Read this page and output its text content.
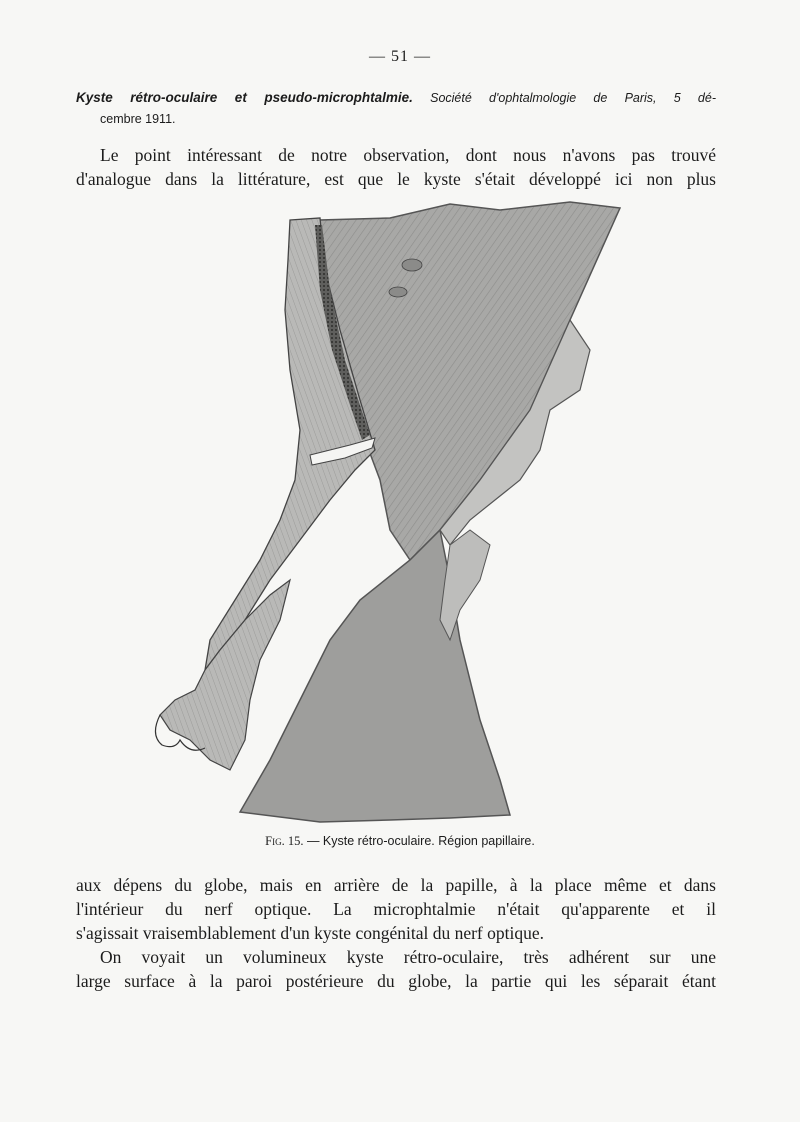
— 51 —
Kyste rétro-oculaire et pseudo-microphtalmie. Société d'ophtalmologie de Paris, 5 dé-
cembre 1911.
Le point intéressant de notre observation, dont nous n'avons pas trouvé
d'analogue dans la littérature, est que le kyste s'était développé ici non plus
Fig. 15. — Kyste rétro-oculaire. Région papillaire.
aux dépens du globe, mais en arrière de la papille, à la place même et dans
l'intérieur du nerf optique. La microphtalmie n'était qu'apparente et il
s'agissait vraisemblablement d'un kyste congénital du nerf optique.
On voyait un volumineux kyste rétro-oculaire, très adhérent sur une
large surface à la paroi postérieure du globe, la partie qui les séparait étant
